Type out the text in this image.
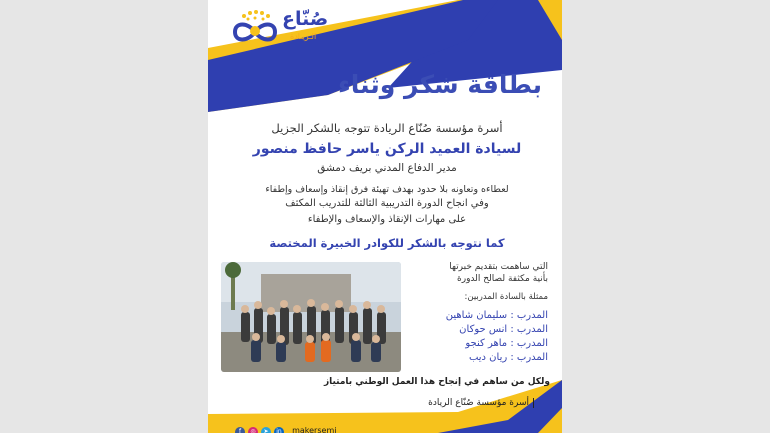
صُنّاع
الـريـادة
بطاقة شكر وثناء
أسرة مؤسسة صُنّاع الريادة تتوجه بالشكر الجزيل
لسيادة العميد الركن ياسر حافظ منصور
مدير الدفاع المدني بريف دمشق
لعطاءه وتعاونه بلا حدود بهدف تهيئة فرق إنقاذ وإسعاف وإطفاء
وفي انجاح الدورة التدريبية الثالثة للتدريب المكثف
على مهارات الإنقاذ والإسعاف والإطفاء
كما نتوجه بالشكر للكوادر الخبيرة المختصة
التي ساهمت بتقديم خبرتها
بأنية مكثفة لصالح الدورة
ممثلة بالسادة المدربين:
المدرب : سليمان شاهين
المدرب : انس حوكان
المدرب : ماهر كنجو
المدرب : ريان ديب
ولكل من ساهم في إنجاح هذا العمل الوطني بامتياز
أسرة مؤسسة صُنّاع الريادة
f ◎ ➤ in makersemi
